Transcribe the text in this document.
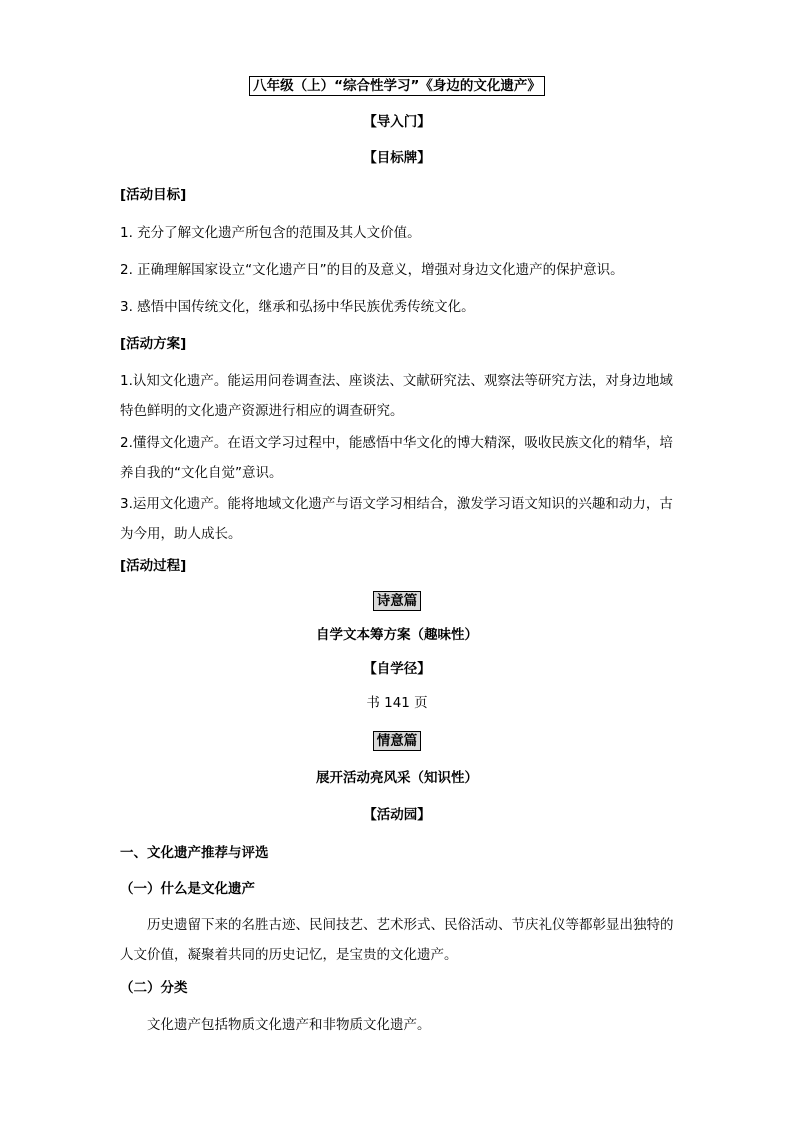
八年级（上）“综合性学习”《身边的文化遗产》
【导入门】
【目标牌】
[活动目标]
1. 充分了解文化遗产所包含的范围及其人文价值。
2. 正确理解国家设立“文化遗产日”的目的及意义，增强对身边文化遗产的保护意识。
3. 感悟中国传统文化，继承和弘扬中华民族优秀传统文化。
[活动方案]
1.认知文化遗产。能运用问卷调查法、座谈法、文献研究法、观察法等研究方法，对身边地域特色鲜明的文化遗产资源进行相应的调查研究。
2.懂得文化遗产。在语文学习过程中，能感悟中华文化的博大精深，吸收民族文化的精华，培养自我的“文化自觉”意识。
3.运用文化遗产。能将地域文化遗产与语文学习相结合，激发学习语文知识的兴趣和动力，古为今用，助人成长。
[活动过程]
诗意篇
自学文本筹方案（趣味性）
【自学径】
书 141 页
情意篇
展开活动亮风采（知识性）
【活动园】
一、文化遗产推荐与评选
（一）什么是文化遗产
历史遗留下来的名胜古迹、民间技艺、艺术形式、民俗活动、节庆礼仪等都彰显出独特的人文价值，凝聚着共同的历史记忆，是宝贵的文化遗产。
（二）分类
文化遗产包括物质文化遗产和非物质文化遗产。
